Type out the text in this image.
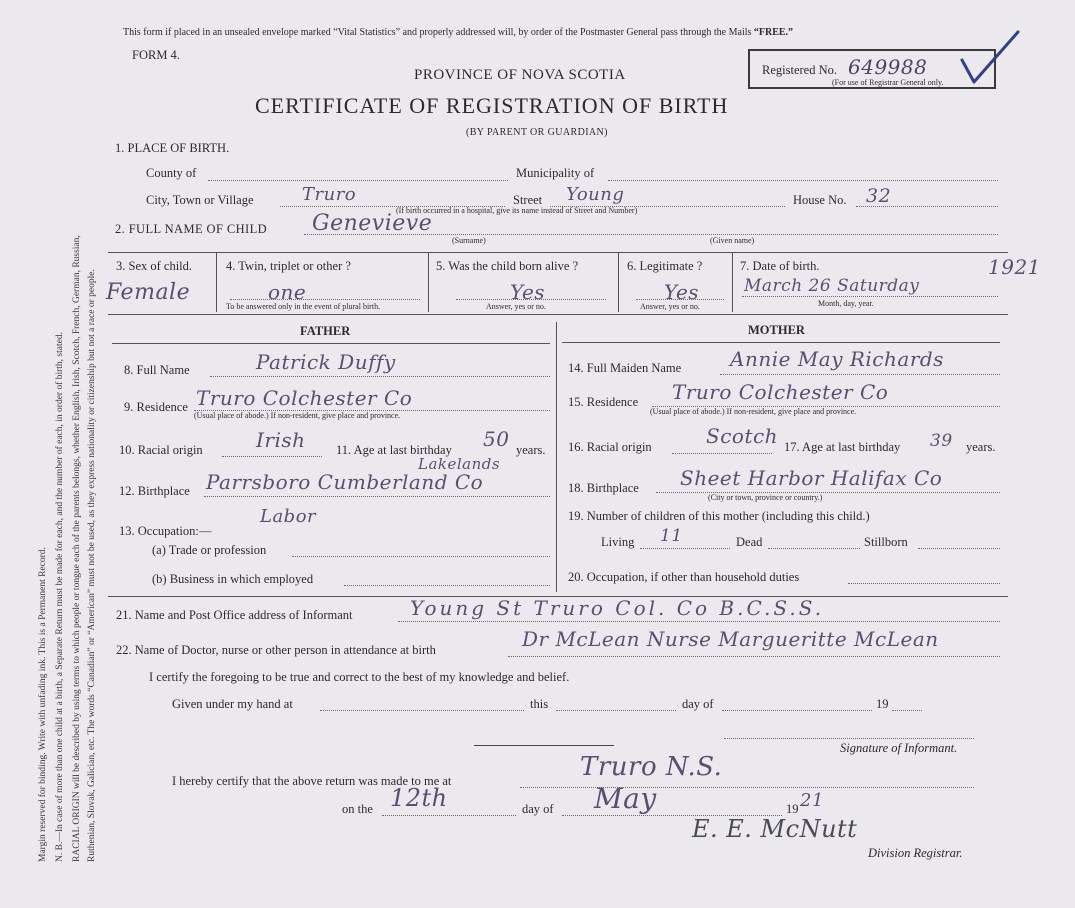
Margin reserved for binding. Write with unfading ink. This is a Permanent Record. N. B.—In case of more than one child at a birth, a Separate Return must be made for each, and the number of each, in order of birth, stated. RACIAL ORIGIN will be described by using terms to which people or tongue each of the parents belongs, whether English, Irish, Scotch, French, German, Russian, Ruthenian, Slovak, Galician, etc. The words “Canadian” or “American” must not be used, as they express nationality or citizenship but not a race or people.
This form if placed in an unsealed envelope marked “Vital Statistics” and properly addressed will, by order of the Postmaster General pass through the Mails “FREE.”
FORM 4.
PROVINCE OF NOVA SCOTIA
CERTIFICATE OF REGISTRATION OF BIRTH
(BY PARENT OR GUARDIAN)
Registered No. 649988
(For use of Registrar General only.
1. PLACE OF BIRTH.
County of	Municipality of
City, Town or Village	Truro	Street Young	House No. 32
(If birth occurred in a hospital, give its name instead of Street and Number)
2. FULL NAME OF CHILD Genevieve
(Surname)	(Given name)
3. Sex of child.
Female
4. Twin, triplet or other ?
one
To be answered only in the event of plural birth.
5. Was the child born alive ?
Yes
Answer, yes or no.
6. Legitimate ?
Yes
Answer, yes or no.
7. Date of birth.	1921
March 26 Saturday
Month, day, year.
FATHER	MOTHER
8. Full Name	Patrick Duffy
9. Residence Truro Colchester Co
(Usual place of abode.) If non-resident, give place and province.
10. Racial origin	Irish 11. Age at last birthday 50 years.
Lakelands
12. Birthplace Parrsboro Cumberland Co
13. Occupation:—
Labor
(a) Trade or profession
(b) Business in which employed
14. Full Maiden Name Annie May Richards
15. Residence Truro Colchester Co
(Usual place of abode.) If non-resident, give place and province.
16. Racial origin	Scotch 17. Age at last birthday 39 years.
18. Birthplace Sheet Harbor Halifax Co
(City or town, province or country.)
19. Number of children of this mother (including this child.)
Living 11	Dead	Stillborn
20. Occupation, if other than household duties
21. Name and Post Office address of Informant	Young St Truro Col. Co B.C.S.S.
22. Name of Doctor, nurse or other person in attendance at birth	Dr McLean Nurse Margueritte McLean
I certify the foregoing to be true and correct to the best of my knowledge and belief.
Given under my hand at	this	day of	19
Signature of Informant.
I hereby certify that the above return was made to me at	Truro N.S.
on the 12th	day of May	19 21
E. E. McNutt
Division Registrar.
